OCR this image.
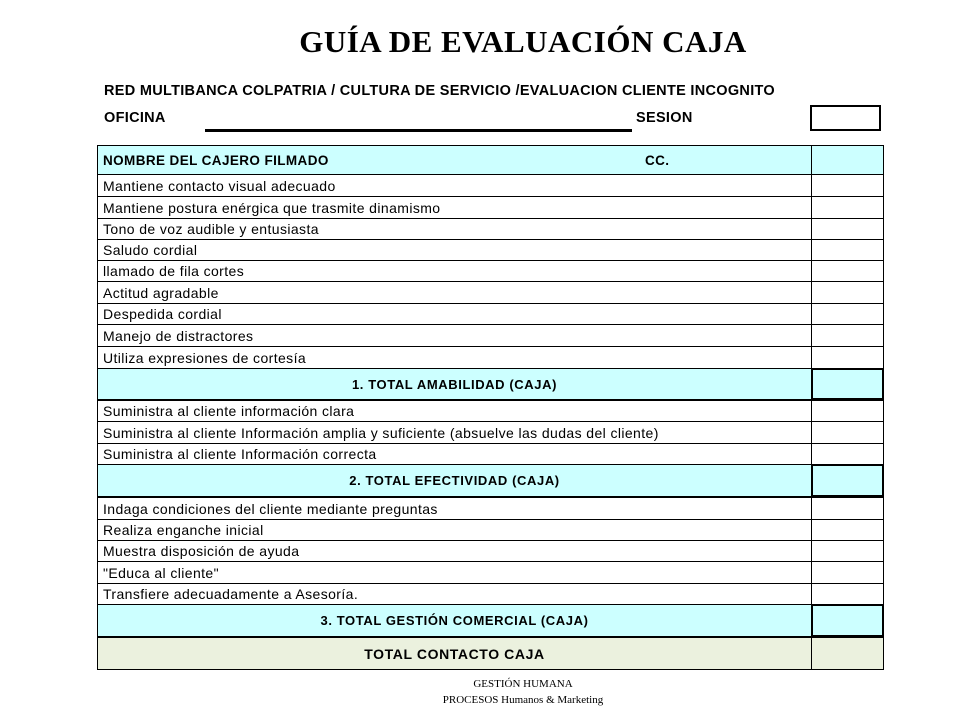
GUÍA DE EVALUACIÓN CAJA
RED MULTIBANCA COLPATRIA / CULTURA DE SERVICIO /EVALUACION CLIENTE INCOGNITO
OFICINA	SESION
NOMBRE DEL CAJERO FILMADO	CC.
Mantiene contacto visual adecuado
Mantiene postura enérgica que trasmite dinamismo
Tono de voz audible y entusiasta
Saludo cordial
llamado de fila cortes
Actitud agradable
Despedida cordial
Manejo de distractores
Utiliza expresiones de cortesía
1. TOTAL AMABILIDAD (CAJA)
Suministra al cliente información clara
Suministra al cliente Información amplia y suficiente (absuelve las dudas del cliente)
Suministra al cliente Información correcta
2. TOTAL EFECTIVIDAD (CAJA)
Indaga condiciones del cliente mediante preguntas
Realiza enganche inicial
Muestra disposición de ayuda
"Educa al cliente"
Transfiere adecuadamente a Asesoría.
3. TOTAL GESTIÓN COMERCIAL (CAJA)
TOTAL CONTACTO CAJA
GESTIÓN HUMANA
PROCESOS Humanos & Marketing
